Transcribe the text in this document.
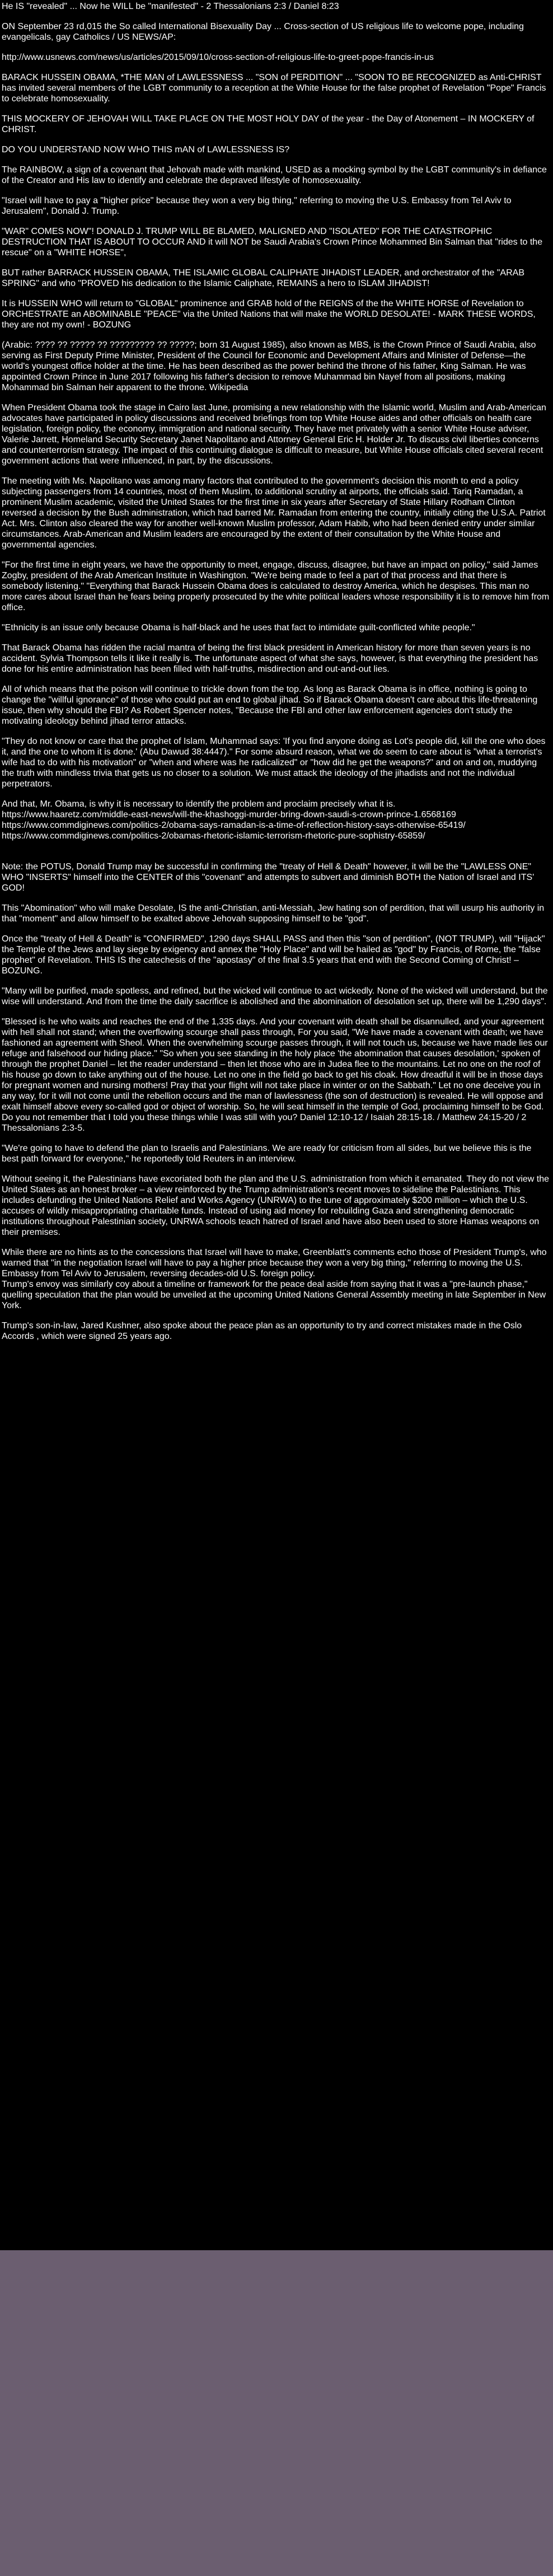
He IS "revealed" ... Now he WILL be "manifested" - 2 Thessalonians 2:3 / Daniel 8:23

ON September 23 rd,015 the So called International Bisexuality Day ... Cross-section of US religious life to welcome pope, including evangelicals, gay Catholics / US NEWS/AP:

http://www.usnews.com/news/us/articles/2015/09/10/cross-section-of-religious-life-to-greet-pope-francis-in-us

BARACK HUSSEIN OBAMA, *THE MAN of LAWLESSNESS ... "SON of PERDITION" ... "SOON TO BE RECOGNIZED as Anti-CHRIST has invited several members of the LGBT community to a reception at the White House for the false prophet of Revelation "Pope" Francis to celebrate homosexuality.

THIS MOCKERY OF JEHOVAH WILL TAKE PLACE ON THE MOST HOLY DAY of the year - the Day of Atonement – IN MOCKERY of CHRIST.

DO YOU UNDERSTAND NOW WHO THIS mAN of LAWLESSNESS IS?

The RAINBOW, a sign of a covenant that Jehovah made with mankind, USED as a mocking symbol by the LGBT community's in defiance of the Creator and His law to identify and celebrate the depraved lifestyle of homosexuality.

"Israel will have to pay a "higher price" because they won a very big thing," referring to moving the U.S. Embassy from Tel Aviv to Jerusalem", Donald J. Trump.

"WAR" COMES NOW"! DONALD J. TRUMP WILL BE BLAMED, MALIGNED AND "ISOLATED" FOR THE CATASTROPHIC DESTRUCTION THAT IS ABOUT TO OCCUR AND it will NOT be Saudi Arabia's Crown Prince Mohammed Bin Salman that "rides to the rescue" on a "WHITE HORSE",

BUT rather BARRACK HUSSEIN OBAMA, THE ISLAMIC GLOBAL CALIPHATE JIHADIST LEADER, and orchestrator of the "ARAB SPRING" and who "PROVED his dedication to the Islamic Caliphate, REMAINS a hero to ISLAM JIHADIST!

It is HUSSEIN WHO will return to "GLOBAL" prominence and GRAB hold of the REIGNS of the the WHITE HORSE of Revelation to ORCHESTRATE an ABOMINABLE "PEACE" via the United Nations that will make the WORLD DESOLATE! - MARK THESE WORDS, they are not my own! - BOZUNG

(Arabic: ???? ?? ????? ?? ????????? ?? ?????; born 31 August 1985), also known as MBS, is the Crown Prince of Saudi Arabia, also serving as First Deputy Prime Minister, President of the Council for Economic and Development Affairs and Minister of Defense—the world's youngest office holder at the time. He has been described as the power behind the throne of his father, King Salman. He was appointed Crown Prince in June 2017 following his father's decision to remove Muhammad bin Nayef from all positions, making Mohammad bin Salman heir apparent to the throne. Wikipedia

When President Obama took the stage in Cairo last June, promising a new relationship with the Islamic world, Muslim and Arab-American advocates have participated in policy discussions and received briefings from top White House aides and other officials on health care legislation, foreign policy, the economy, immigration and national security. They have met privately with a senior White House adviser, Valerie Jarrett, Homeland Security Secretary Janet Napolitano and Attorney General Eric H. Holder Jr. To discuss civil liberties concerns and counterterrorism strategy. The impact of this continuing dialogue is difficult to measure, but White House officials cited several recent government actions that were influenced, in part, by the discussions.

The meeting with Ms. Napolitano was among many factors that contributed to the government's decision this month to end a policy subjecting passengers from 14 countries, most of them Muslim, to additional scrutiny at airports, the officials said. Tariq Ramadan, a prominent Muslim academic, visited the United States for the first time in six years after Secretary of State Hillary Rodham Clinton reversed a decision by the Bush administration, which had barred Mr. Ramadan from entering the country, initially citing the U.S.A. Patriot Act. Mrs. Clinton also cleared the way for another well-known Muslim professor, Adam Habib, who had been denied entry under similar circumstances. Arab-American and Muslim leaders are encouraged by the extent of their consultation by the White House and governmental agencies.

"For the first time in eight years, we have the opportunity to meet, engage, discuss, disagree, but have an impact on policy," said James Zogby, president of the Arab American Institute in Washington. "We're being made to feel a part of that process and that there is somebody listening." "Everything that Barack Hussein Obama does is calculated to destroy America, which he despises. This man no more cares about Israel than he fears being properly prosecuted by the white political leaders whose responsibility it is to remove him from office.

"Ethnicity is an issue only because Obama is half-black and he uses that fact to intimidate guilt-conflicted white people."

That Barack Obama has ridden the racial mantra of being the first black president in American history for more than seven years is no accident. Sylvia Thompson tells it like it really is. The unfortunate aspect of what she says, however, is that everything the president has done for his entire administration has been filled with half-truths, misdirection and out-and-out lies.

All of which means that the poison will continue to trickle down from the top. As long as Barack Obama is in office, nothing is going to change the "willful ignorance" of those who could put an end to global jihad. So if Barack Obama doesn't care about this life-threatening issue, then why should the FBI? As Robert Spencer notes, "Because the FBI and other law enforcement agencies don't study the motivating ideology behind jihad terror attacks.

"They do not know or care that the prophet of Islam, Muhammad says: 'If you find anyone doing as Lot's people did, kill the one who does it, and the one to whom it is done.' (Abu Dawud 38:4447)." For some absurd reason, what we do seem to care about is "what a terrorist's wife had to do with his motivation" or "when and where was he radicalized" or "how did he get the weapons?" and on and on, muddying the truth with mindless trivia that gets us no closer to a solution. We must attack the ideology of the jihadists and not the individual perpetrators.

And that, Mr. Obama, is why it is necessary to identify the problem and proclaim precisely what it is.

https://www.haaretz.com/middle-east-news/will-the-khashoggi-murder-bring-down-saudi-s-crown-prince-1.6568169

https://www.commdiginews.com/politics-2/obama-says-ramadan-is-a-time-of-reflection-history-says-otherwise-65419/

https://www.commdiginews.com/politics-2/obamas-rhetoric-islamic-terrorism-rhetoric-pure-sophistry-65859/

Note: the POTUS, Donald Trump may be successful in confirming the "treaty of Hell & Death" however, it will be the "LAWLESS ONE" WHO "INSERTS" himself into the CENTER of this "covenant" and attempts to subvert and diminish BOTH the Nation of Israel and ITS' GOD!

This "Abomination" who will make Desolate, IS the anti-Christian, anti-Messiah, Jew hating son of perdition, that will usurp his authority in that "moment" and allow himself to be exalted above Jehovah supposing himself to be "god".

Once the "treaty of Hell & Death" is "CONFIRMED", 1290 days SHALL PASS and then this "son of perdition", (NOT TRUMP), will "Hijack" the Temple of the Jews and lay siege by exigency and annex the "Holy Place" and will be hailed as "god" by Francis, of Rome, the "false prophet" of Revelation. THIS IS the catechesis of the "apostasy" of the final 3.5 years that end with the Second Coming of Christ! – BOZUNG.

"Many will be purified, made spotless, and refined, but the wicked will continue to act wickedly. None of the wicked will understand, but the wise will understand. And from the time the daily sacrifice is abolished and the abomination of desolation set up, there will be 1,290 days".

"Blessed is he who waits and reaches the end of the 1,335 days. And your covenant with death shall be disannulled, and your agreement with hell shall not stand; when the overflowing scourge shall pass through, For you said, "We have made a covenant with death; we have fashioned an agreement with Sheol. When the overwhelming scourge passes through, it will not touch us, because we have made lies our refuge and falsehood our hiding place." "So when you see standing in the holy place 'the abomination that causes desolation,' spoken of through the prophet Daniel – let the reader understand – then let those who are in Judea flee to the mountains. Let no one on the roof of his house go down to take anything out of the house. Let no one in the field go back to get his cloak. How dreadful it will be in those days for pregnant women and nursing mothers! Pray that your flight will not take place in winter or on the Sabbath." Let no one deceive you in any way, for it will not come until the rebellion occurs and the man of lawlessness (the son of destruction) is revealed. He will oppose and exalt himself above every so-called god or object of worship. So, he will seat himself in the temple of God, proclaiming himself to be God. Do you not remember that I told you these things while I was still with you? Daniel 12:10-12 / Isaiah 28:15-18. / Matthew 24:15-20 / 2 Thessalonians 2:3-5.

"We're going to have to defend the plan to Israelis and Palestinians. We are ready for criticism from all sides, but we believe this is the best path forward for everyone," he reportedly told Reuters in an interview.

Without seeing it, the Palestinians have excoriated both the plan and the U.S. administration from which it emanated. They do not view the United States as an honest broker – a view reinforced by the Trump administration's recent moves to sideline the Palestinians. This includes defunding the United Nations Relief and Works Agency (UNRWA) to the tune of approximately $200 million – which the U.S. accuses of wildly misappropriating charitable funds. Instead of using aid money for rebuilding Gaza and strengthening democratic institutions throughout Palestinian society, UNRWA schools teach hatred of Israel and have also been used to store Hamas weapons on their premises.

While there are no hints as to the concessions that Israel will have to make, Greenblatt's comments echo those of President Trump's, who warned that "in the negotiation Israel will have to pay a higher price because they won a very big thing," referring to moving the U.S. Embassy from Tel Aviv to Jerusalem, reversing decades-old U.S. foreign policy.
Trump's envoy was similarly coy about a timeline or framework for the peace deal aside from saying that it was a "pre-launch phase," quelling speculation that the plan would be unveiled at the upcoming United Nations General Assembly meeting in late September in New York.

Trump's son-in-law, Jared Kushner, also spoke about the peace plan as an opportunity to try and correct mistakes made in the Oslo Accords , which were signed 25 years ago.
